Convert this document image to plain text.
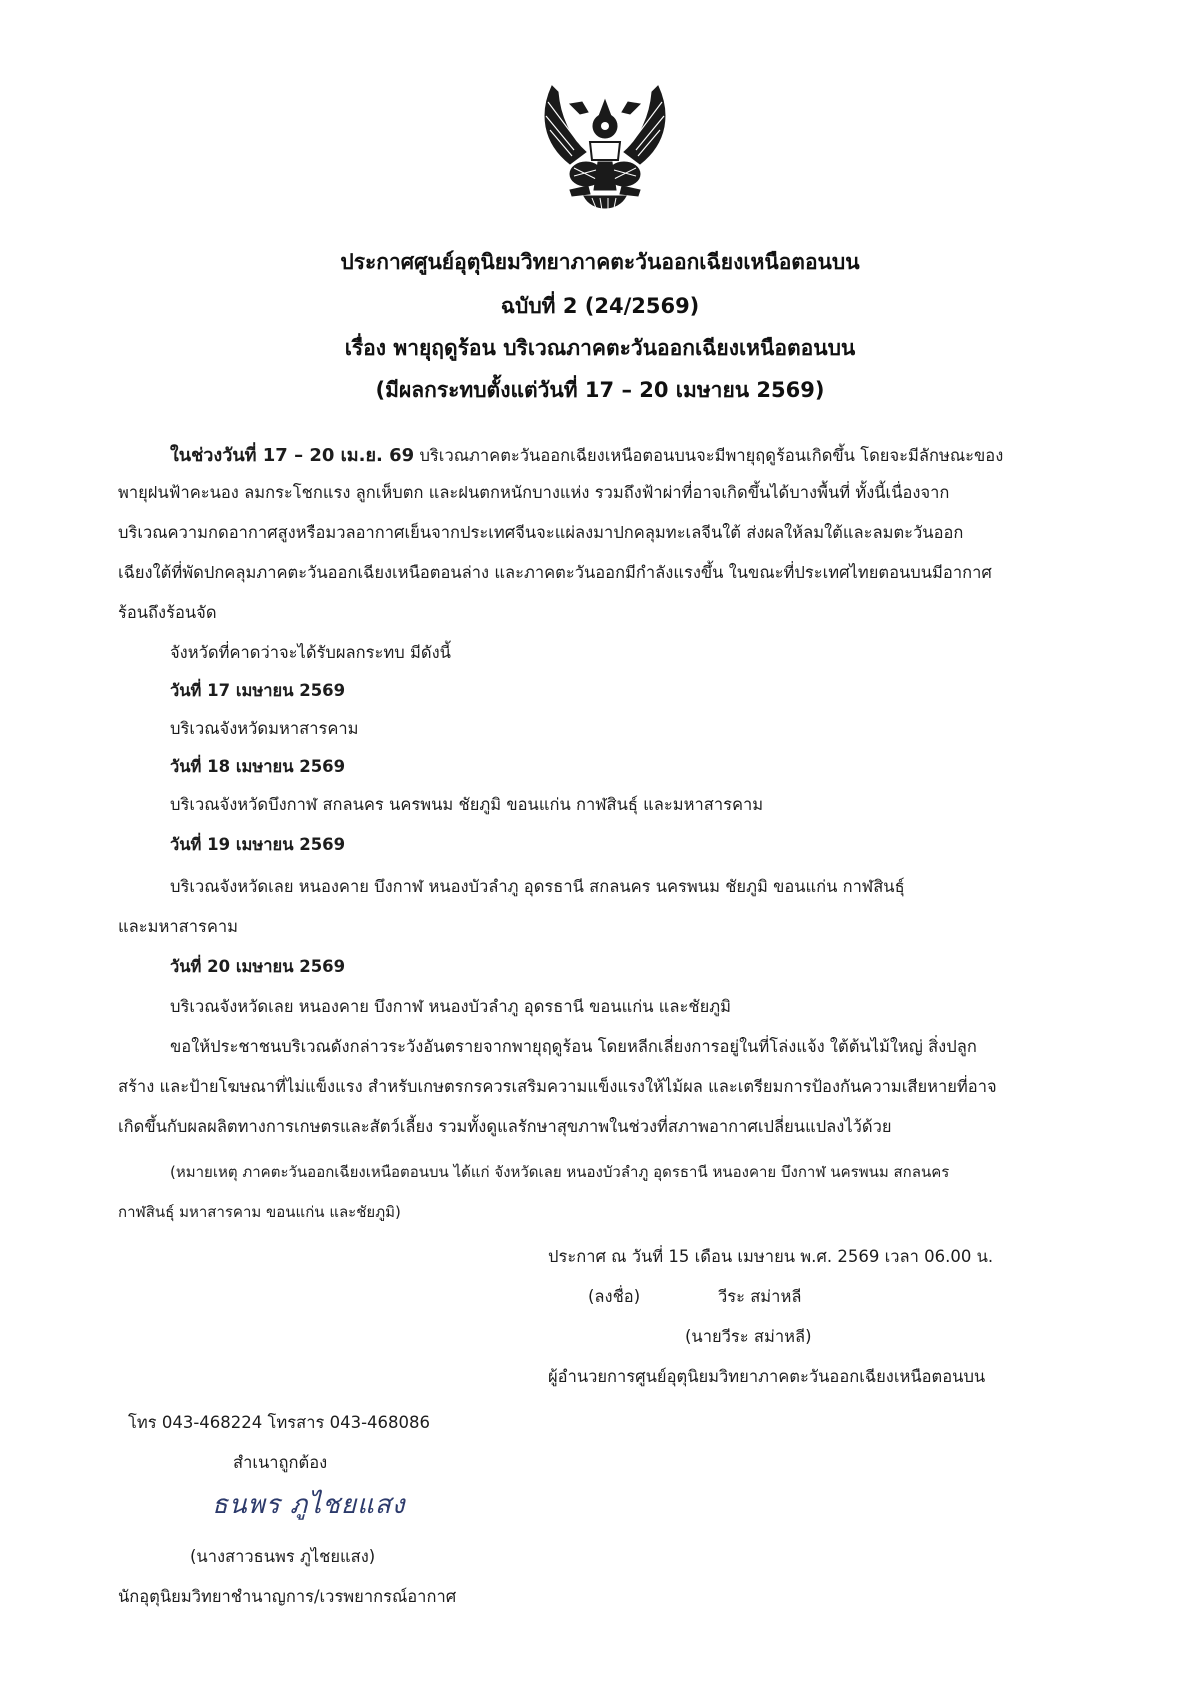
ประกาศศูนย์อุตุนิยมวิทยาภาคตะวันออกเฉียงเหนือตอนบน
ฉบับที่ 2 (24/2569)
เรื่อง พายุฤดูร้อน บริเวณภาคตะวันออกเฉียงเหนือตอนบน
(มีผลกระทบตั้งแต่วันที่ 17 – 20 เมษายน 2569)
ในช่วงวันที่ 17 – 20 เม.ย. 69 บริเวณภาคตะวันออกเฉียงเหนือตอนบนจะมีพายุฤดูร้อนเกิดขึ้น โดยจะมีลักษณะของ
พายุฝนฟ้าคะนอง ลมกระโชกแรง ลูกเห็บตก และฝนตกหนักบางแห่ง รวมถึงฟ้าผ่าที่อาจเกิดขึ้นได้บางพื้นที่ ทั้งนี้เนื่องจาก
บริเวณความกดอากาศสูงหรือมวลอากาศเย็นจากประเทศจีนจะแผ่ลงมาปกคลุมทะเลจีนใต้ ส่งผลให้ลมใต้และลมตะวันออก
เฉียงใต้ที่พัดปกคลุมภาคตะวันออกเฉียงเหนือตอนล่าง และภาคตะวันออกมีกำลังแรงขึ้น ในขณะที่ประเทศไทยตอนบนมีอากาศ
ร้อนถึงร้อนจัด
จังหวัดที่คาดว่าจะได้รับผลกระทบ มีดังนี้
วันที่ 17 เมษายน 2569
บริเวณจังหวัดมหาสารคาม
วันที่ 18 เมษายน 2569
บริเวณจังหวัดบึงกาฬ สกลนคร นครพนม ชัยภูมิ ขอนแก่น กาฬสินธุ์ และมหาสารคาม
วันที่ 19 เมษายน 2569
บริเวณจังหวัดเลย หนองคาย บึงกาฬ หนองบัวลำภู อุดรธานี สกลนคร นครพนม ชัยภูมิ ขอนแก่น กาฬสินธุ์
และมหาสารคาม
วันที่ 20 เมษายน 2569
บริเวณจังหวัดเลย หนองคาย บึงกาฬ หนองบัวลำภู อุดรธานี ขอนแก่น และชัยภูมิ
ขอให้ประชาชนบริเวณดังกล่าวระวังอันตรายจากพายุฤดูร้อน โดยหลีกเลี่ยงการอยู่ในที่โล่งแจ้ง ใต้ต้นไม้ใหญ่ สิ่งปลูก
สร้าง และป้ายโฆษณาที่ไม่แข็งแรง สำหรับเกษตรกรควรเสริมความแข็งแรงให้ไม้ผล และเตรียมการป้องกันความเสียหายที่อาจ
เกิดขึ้นกับผลผลิตทางการเกษตรและสัตว์เลี้ยง รวมทั้งดูแลรักษาสุขภาพในช่วงที่สภาพอากาศเปลี่ยนแปลงไว้ด้วย
(หมายเหตุ ภาคตะวันออกเฉียงเหนือตอนบน ได้แก่ จังหวัดเลย หนองบัวลำภู อุดรธานี หนองคาย บึงกาฬ นครพนม สกลนคร
กาฬสินธุ์ มหาสารคาม ขอนแก่น และชัยภูมิ)
ประกาศ ณ วันที่ 15 เดือน เมษายน พ.ศ. 2569 เวลา 06.00 น.
(ลงชื่อ)	วีระ สม่าหลี
(นายวีระ สม่าหลี)
ผู้อำนวยการศูนย์อุตุนิยมวิทยาภาคตะวันออกเฉียงเหนือตอนบน
โทร 043-468224 โทรสาร 043-468086
สำเนาถูกต้อง
ธนพร ภูไชยแสง
(นางสาวธนพร ภูไชยแสง)
นักอุตุนิยมวิทยาชำนาญการ/เวรพยากรณ์อากาศ
